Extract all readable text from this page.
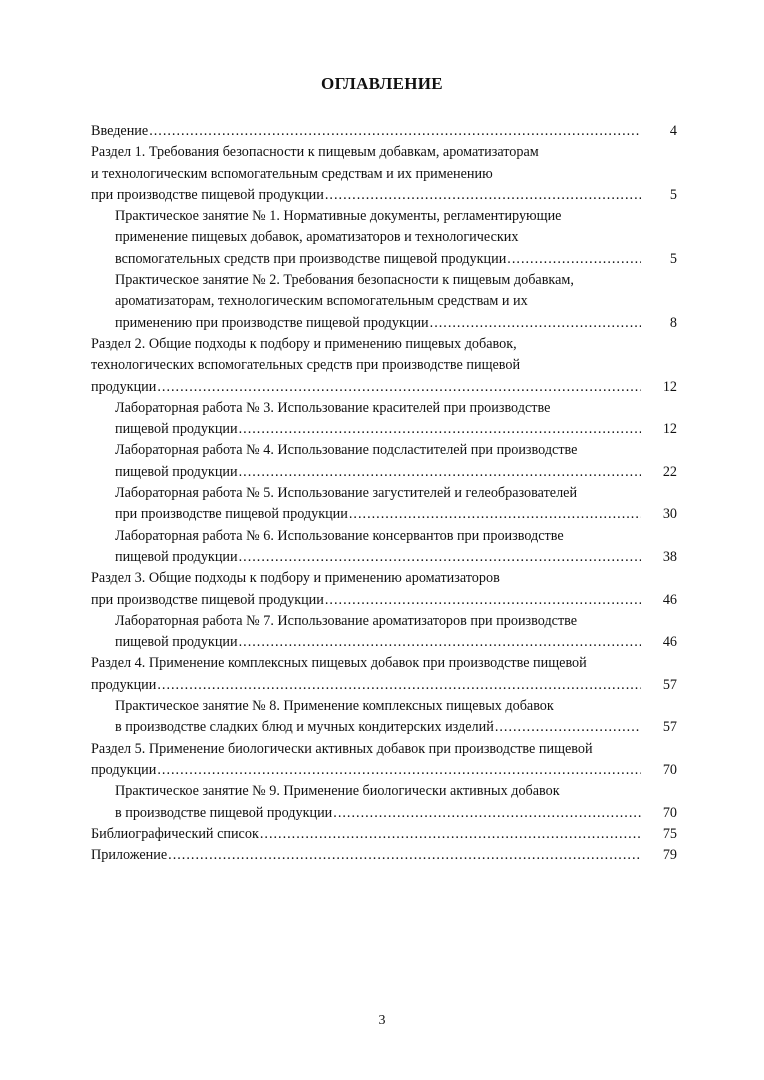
ОГЛАВЛЕНИЕ
Введение .....	4
Раздел 1. Требования безопасности к пищевым добавкам, ароматизаторам
и технологическим вспомогательным средствам и их применению
при производстве пищевой продукции .....	5
Практическое занятие № 1. Нормативные документы, регламентирующие
применение пищевых добавок, ароматизаторов и технологических
вспомогательных средств при производстве пищевой продукции .....	5
Практическое занятие № 2. Требования безопасности к пищевым добавкам,
ароматизаторам, технологическим вспомогательным средствам и их
применению при производстве пищевой продукции .....	8
Раздел 2. Общие подходы к подбору и применению пищевых добавок,
технологических вспомогательных средств при производстве пищевой
продукции .....	12
Лабораторная работа № 3. Использование красителей при производстве
пищевой продукции .....	12
Лабораторная работа № 4. Использование подсластителей при производстве
пищевой продукции .....	22
Лабораторная работа № 5. Использование загустителей и гелеобразователей
при производстве пищевой продукции .....	30
Лабораторная работа № 6. Использование консервантов при производстве
пищевой продукции .....	38
Раздел 3. Общие подходы к подбору и применению ароматизаторов
при производстве пищевой продукции .....	46
Лабораторная работа № 7. Использование ароматизаторов при производстве
пищевой продукции .....	46
Раздел 4. Применение комплексных пищевых добавок при производстве пищевой
продукции .....	57
Практическое занятие № 8. Применение комплексных пищевых добавок
в производстве сладких блюд и мучных кондитерских изделий .....	57
Раздел 5. Применение биологически активных добавок при производстве пищевой
продукции .....	70
Практическое занятие № 9. Применение биологически активных добавок
в производстве пищевой продукции .....	70
Библиографический список .....	75
Приложение .....	79
3
